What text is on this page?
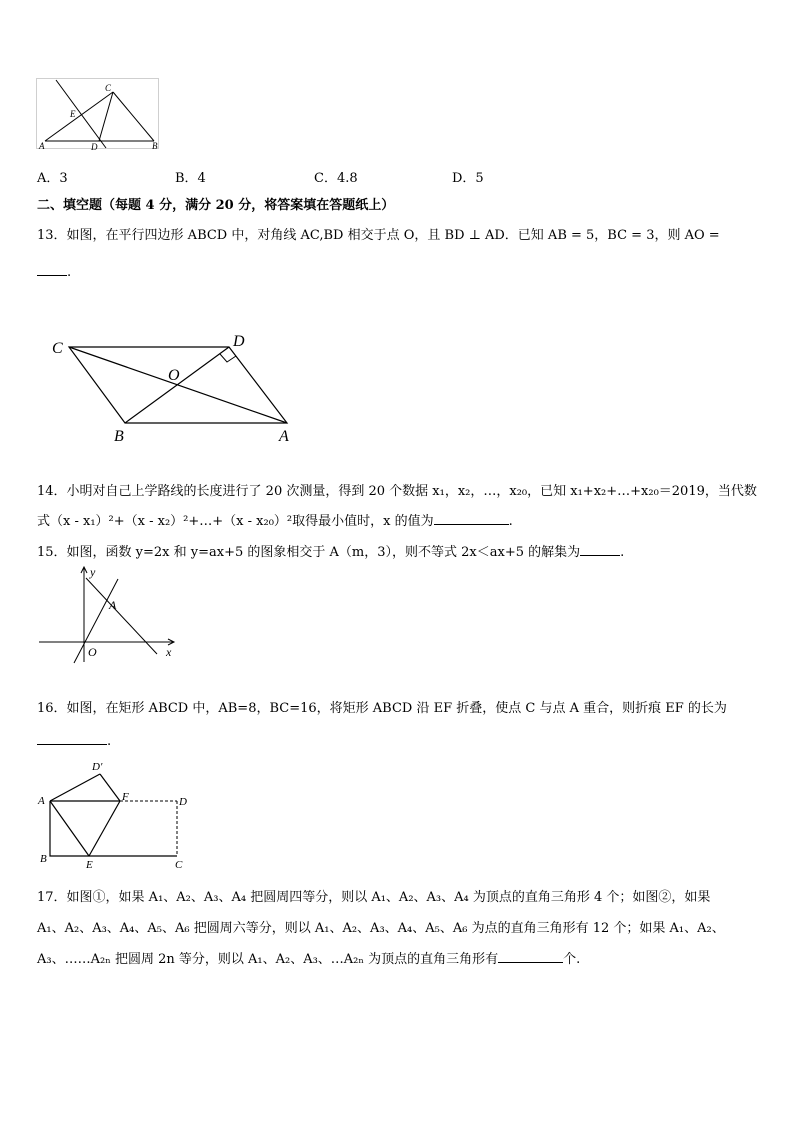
A	B
C
D
E
A．3	B．4	C．4.8	D．5
二、填空题（每题 4 分，满分 20 分，将答案填在答题纸上）
13．如图，在平行四边形 ABCD 中，对角线 AC,BD 相交于点 O，且 BD ⊥ AD．已知 AB = 5，BC = 3，则 AO =
.
C	D
O
B	A
14．小明对自己上学路线的长度进行了 20 次测量，得到 20 个数据 x₁，x₂，…，x₂₀，已知 x₁+x₂+…+x₂₀＝2019，当代数
式（x - x₁）²+（x - x₂）²+…+（x - x₂₀）²取得最小值时，x 的值为	.
15．如图，函数 y=2x 和 y=ax+5 的图象相交于 A（m，3），则不等式 2x＜ax+5 的解集为	.
y
x
O
A
16．如图，在矩形 ABCD 中，AB=8，BC=16，将矩形 ABCD 沿 EF 折叠，使点 C 与点 A 重合，则折痕 EF 的长为
.
A
B	C
D
D′
E
F
17．如图①，如果 A₁、A₂、A₃、A₄ 把圆周四等分，则以 A₁、A₂、A₃、A₄ 为顶点的直角三角形 4 个；如图②，如果
A₁、A₂、A₃、A₄、A₅、A₆ 把圆周六等分，则以 A₁、A₂、A₃、A₄、A₅、A₆ 为点的直角三角形有 12 个；如果 A₁、A₂、
A₃、……A₂ₙ 把圆周 2n 等分，则以 A₁、A₂、A₃、…A₂ₙ 为顶点的直角三角形有	个.
